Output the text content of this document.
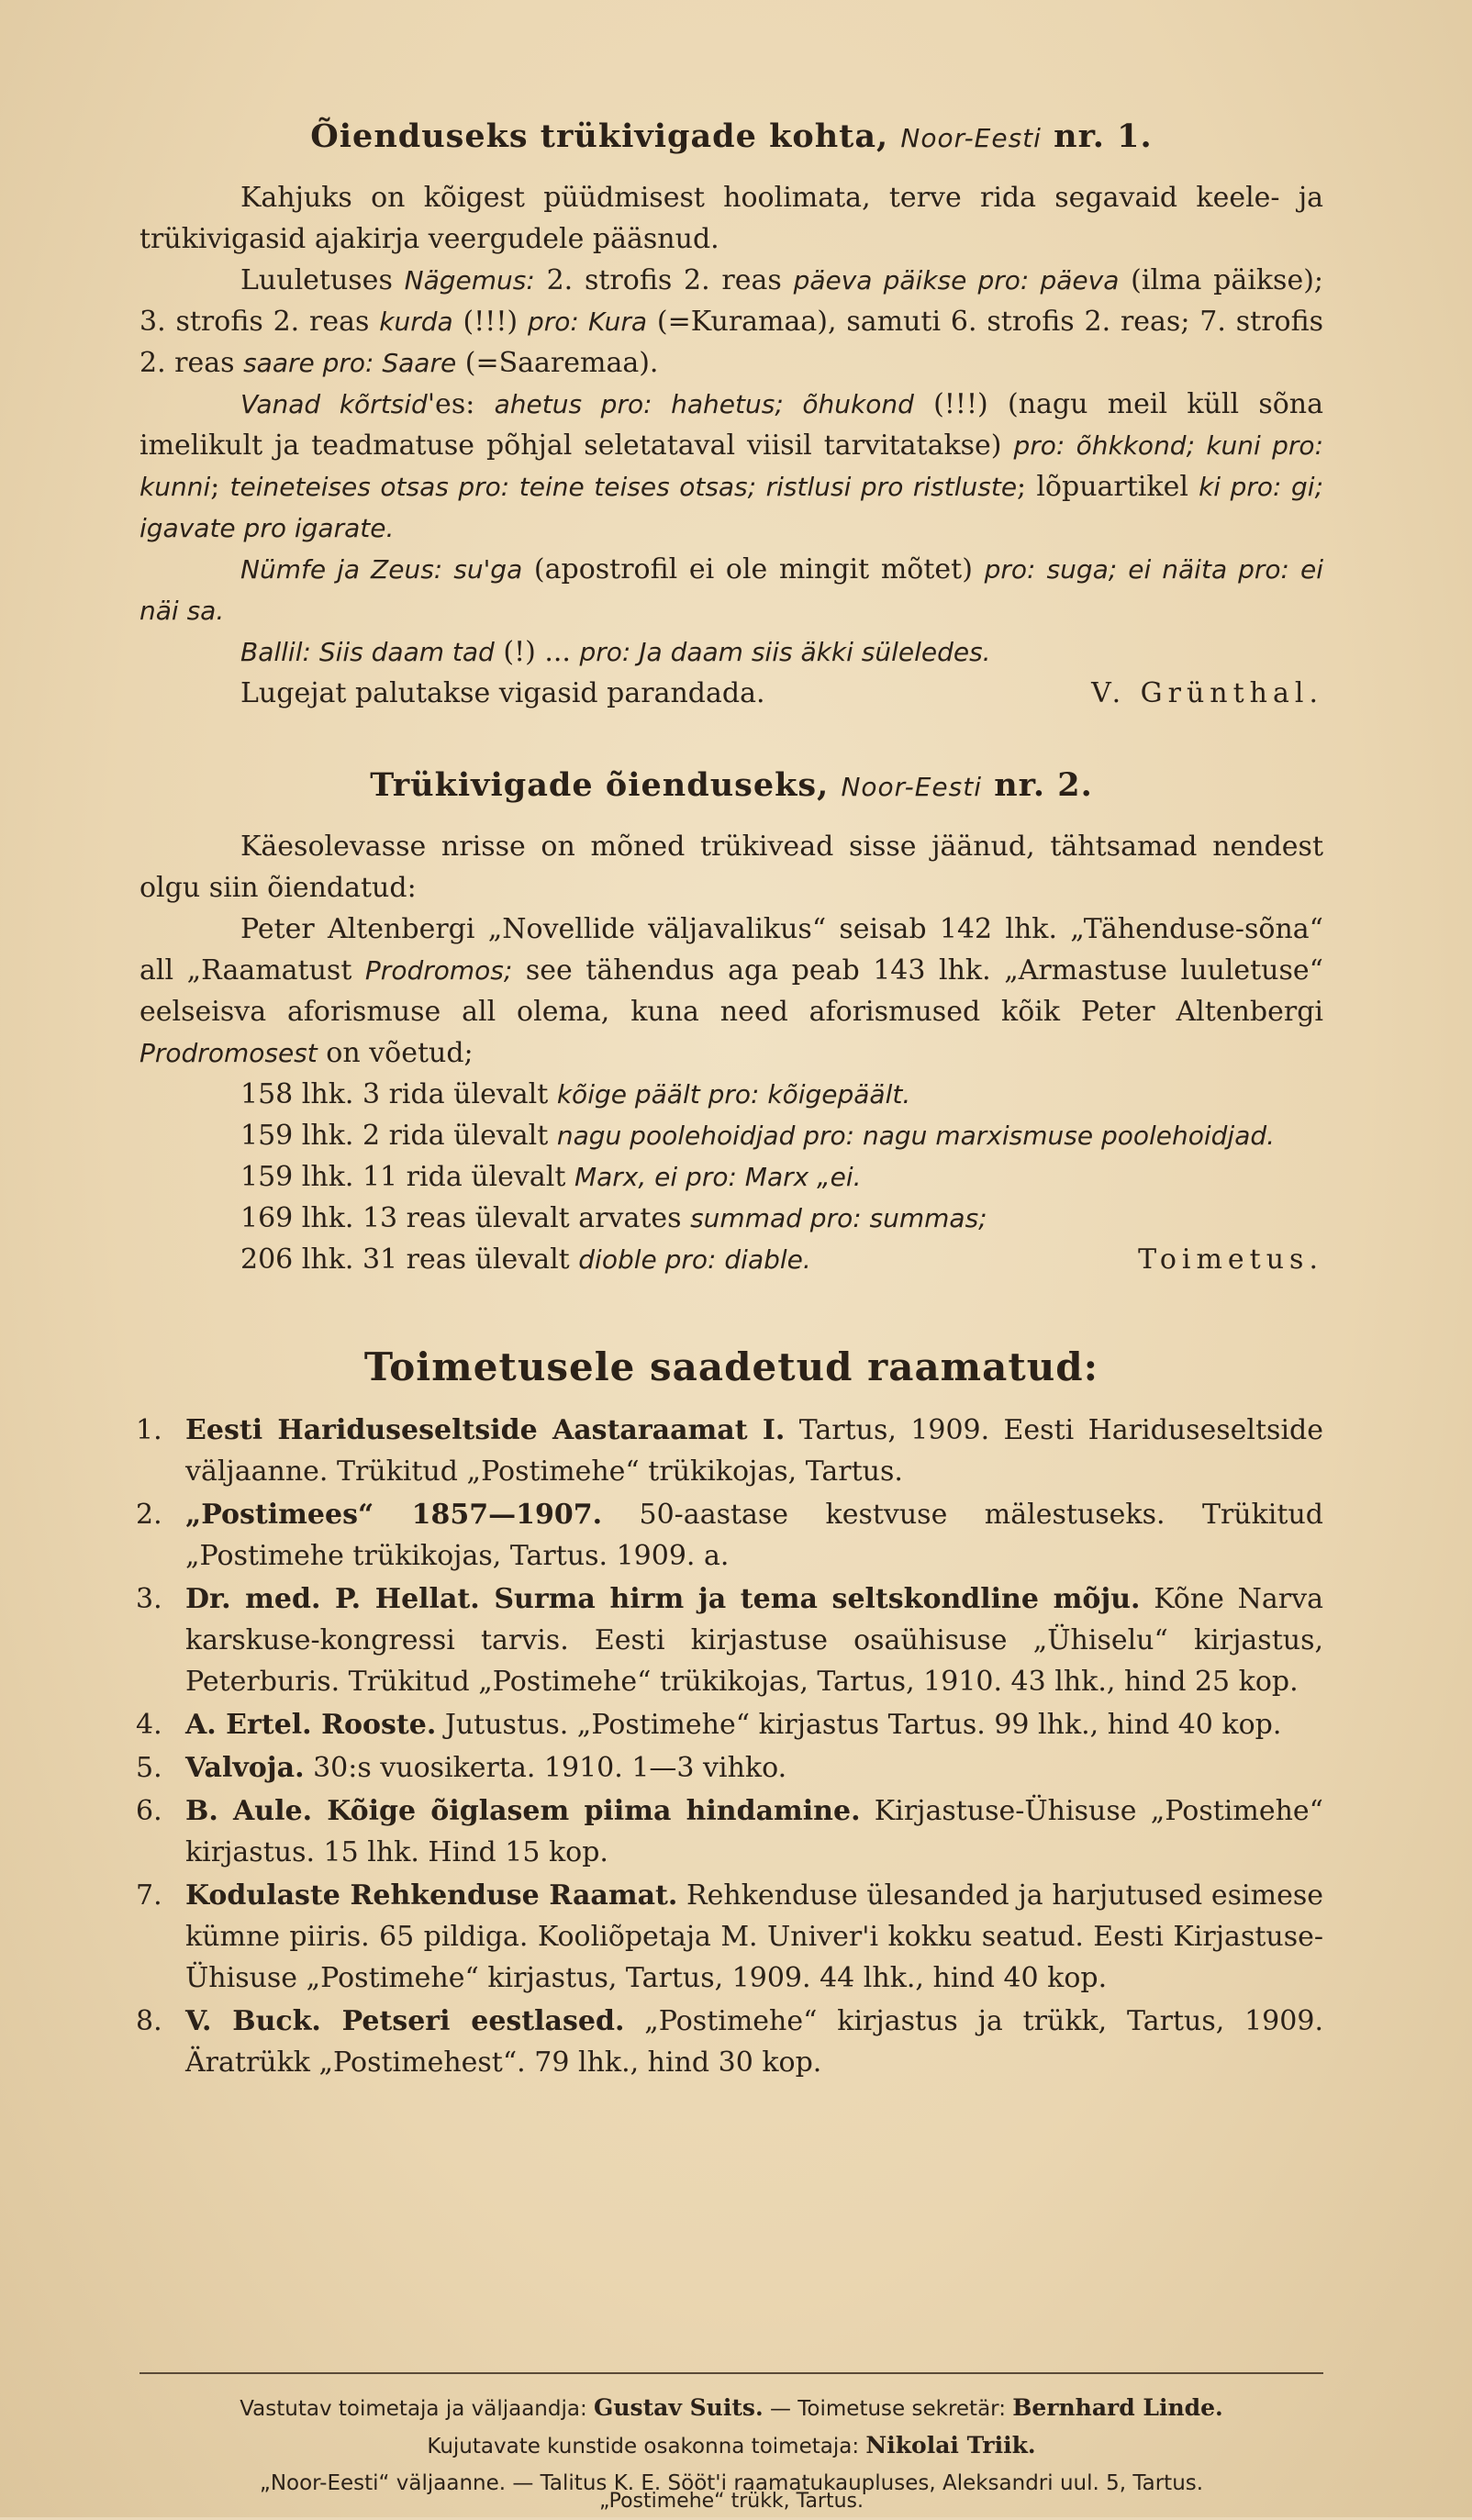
Õienduseks trükivigade kohta, Noor-Eesti nr. 1.

Kahjuks on kõigest püüdmisest hoolimata, terve rida segavaid keele- ja trükivigasid ajakirja veergudele pääsnud.

Luuletuses Nägemus: 2. strofis 2. reas päeva päikse pro: päeva (ilma päikse); 3. strofis 2. reas kurda (!!!) pro: Kura (=Kuramaa), samuti 6. strofis 2. reas; 7. strofis 2. reas saare pro: Saare (=Saaremaa).

Vanad kõrtsid'es: ahetus pro: hahetus; õhukond (!!!) (nagu meil küll sõna imelikult ja teadmatuse põhjal seletataval viisil tarvitatakse) pro: õhkkond; kuni pro: kunni; teineteises otsas pro: teine teises otsas; ristlusi pro ristluste; lõpuartikel ki pro: gi; igavate pro igarate.

Nümfe ja Zeus: su'ga (apostrofil ei ole mingit mõtet) pro: suga; ei näita pro: ei näi sa.

Ballil: Siis daam tad (!) ... pro: Ja daam siis äkki süleledes.

Lugejat palutakse vigasid parandada.	V. Grünthal.

Trükivigade õienduseks, Noor-Eesti nr. 2.

Käesolevasse nrisse on mõned trükivead sisse jäänud, tähtsamad nendest olgu siin õiendatud:

Peter Altenbergi „Novellide väljavalikus“ seisab 142 lhk. „Tähenduse-sõna“ all „Raamatust Prodromos; see tähendus aga peab 143 lhk. „Armastuse luuletuse“ eelseisva aforismuse all olema, kuna need aforismused kõik Peter Altenbergi Prodromosest on võetud;

158 lhk. 3 rida ülevalt kõige päält pro: kõigepäält.

159 lhk. 2 rida ülevalt nagu poolehoidjad pro: nagu marxismuse poolehoidjad.

159 lhk. 11 rida ülevalt Marx, ei pro: Marx „ei.

169 lhk. 13 reas ülevalt arvates summad pro: summas;

206 lhk. 31 reas ülevalt dioble pro: diable.	Toimetus.

Toimetusele saadetud raamatud:
1. Eesti Hariduseseltside Aastaraamat I. Tartus, 1909. Eesti Hariduseseltside väljaanne. Trükitud „Postimehe“ trükikojas, Tartus.
2. „Postimees“ 1857—1907. 50-aastase kestvuse mälestuseks. Trükitud „Postimehe trükikojas, Tartus. 1909. a.
3. Dr. med. P. Hellat. Surma hirm ja tema seltskondline mõju. Kõne Narva karskuse-kongressi tarvis. Eesti kirjastuse osaühisuse „Ühiselu“ kirjastus, Peterburis. Trükitud „Postimehe“ trükikojas, Tartus, 1910. 43 lhk., hind 25 kop.
4. A. Ertel. Rooste. Jutustus. „Postimehe“ kirjastus Tartus. 99 lhk., hind 40 kop.
5. Valvoja. 30:s vuosikerta. 1910. 1—3 vihko.
6. B. Aule. Kõige õiglasem piima hindamine. Kirjastuse-Ühisuse „Postimehe“ kirjastus. 15 lhk. Hind 15 kop.
7. Kodulaste Rehkenduse Raamat. Rehkenduse ülesanded ja harjutused esimese kümne piiris. 65 pildiga. Kooliõpetaja M. Univer'i kokku seatud. Eesti Kirjastuse-Ühisuse „Postimehe“ kirjastus, Tartus, 1909. 44 lhk., hind 40 kop.
8. V. Buck. Petseri eestlased. „Postimehe“ kirjastus ja trükk, Tartus, 1909. Äratrükk „Postimehest“. 79 lhk., hind 30 kop.
Vastutav toimetaja ja väljaandja: Gustav Suits. — Toimetuse sekretär: Bernhard Linde.
Kujutavate kunstide osakonna toimetaja: Nikolai Triik.
„Noor-Eesti“ väljaanne. — Talitus K. E. Sööt'i raamatukaupluses, Aleksandri uul. 5, Tartus.
„Postimehe“ trükk, Tartus.
